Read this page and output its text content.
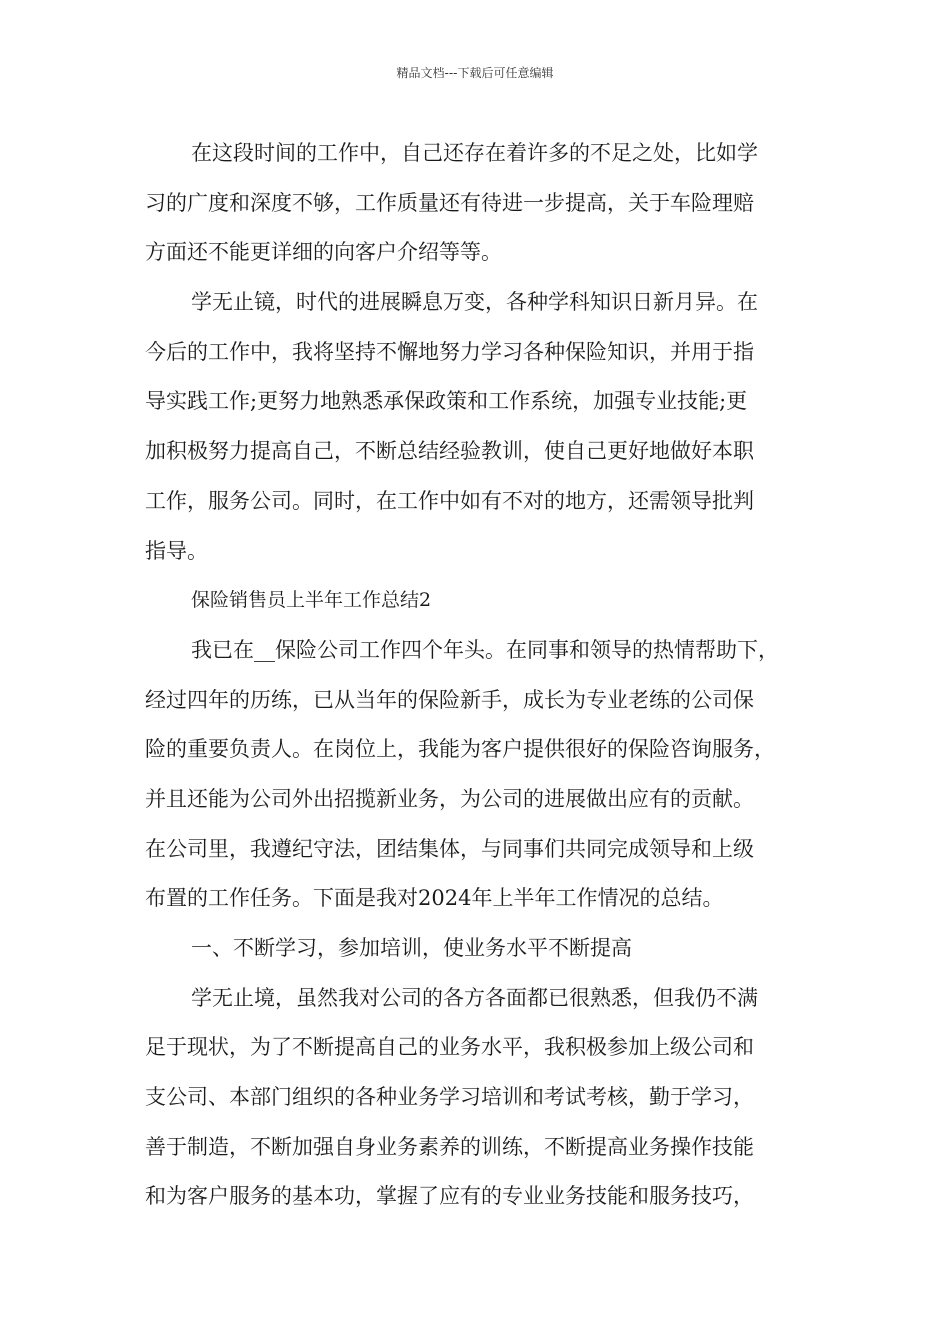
精品文档---下载后可任意编辑
在这段时间的工作中，自己还存在着许多的不足之处，比如学
习的广度和深度不够，工作质量还有待进一步提高，关于车险理赔
方面还不能更详细的向客户介绍等等。
学无止镜，时代的进展瞬息万变，各种学科知识日新月异。在
今后的工作中，我将坚持不懈地努力学习各种保险知识，并用于指
导实践工作;更努力地熟悉承保政策和工作系统，加强专业技能;更
加积极努力提高自己，不断总结经验教训，使自己更好地做好本职
工作，服务公司。同时，在工作中如有不对的地方，还需领导批判
指导。
保险销售员上半年工作总结2
我已在__保险公司工作四个年头。在同事和领导的热情帮助下，
经过四年的历练，已从当年的保险新手，成长为专业老练的公司保
险的重要负责人。在岗位上，我能为客户提供很好的保险咨询服务，
并且还能为公司外出招揽新业务，为公司的进展做出应有的贡献。
在公司里，我遵纪守法，团结集体，与同事们共同完成领导和上级
布置的工作任务。下面是我对2024年上半年工作情况的总结。
一、不断学习，参加培训，使业务水平不断提高
学无止境，虽然我对公司的各方各面都已很熟悉，但我仍不满
足于现状，为了不断提高自己的业务水平，我积极参加上级公司和
支公司、本部门组织的各种业务学习培训和考试考核，勤于学习，
善于制造，不断加强自身业务素养的训练，不断提高业务操作技能
和为客户服务的基本功，掌握了应有的专业业务技能和服务技巧，
